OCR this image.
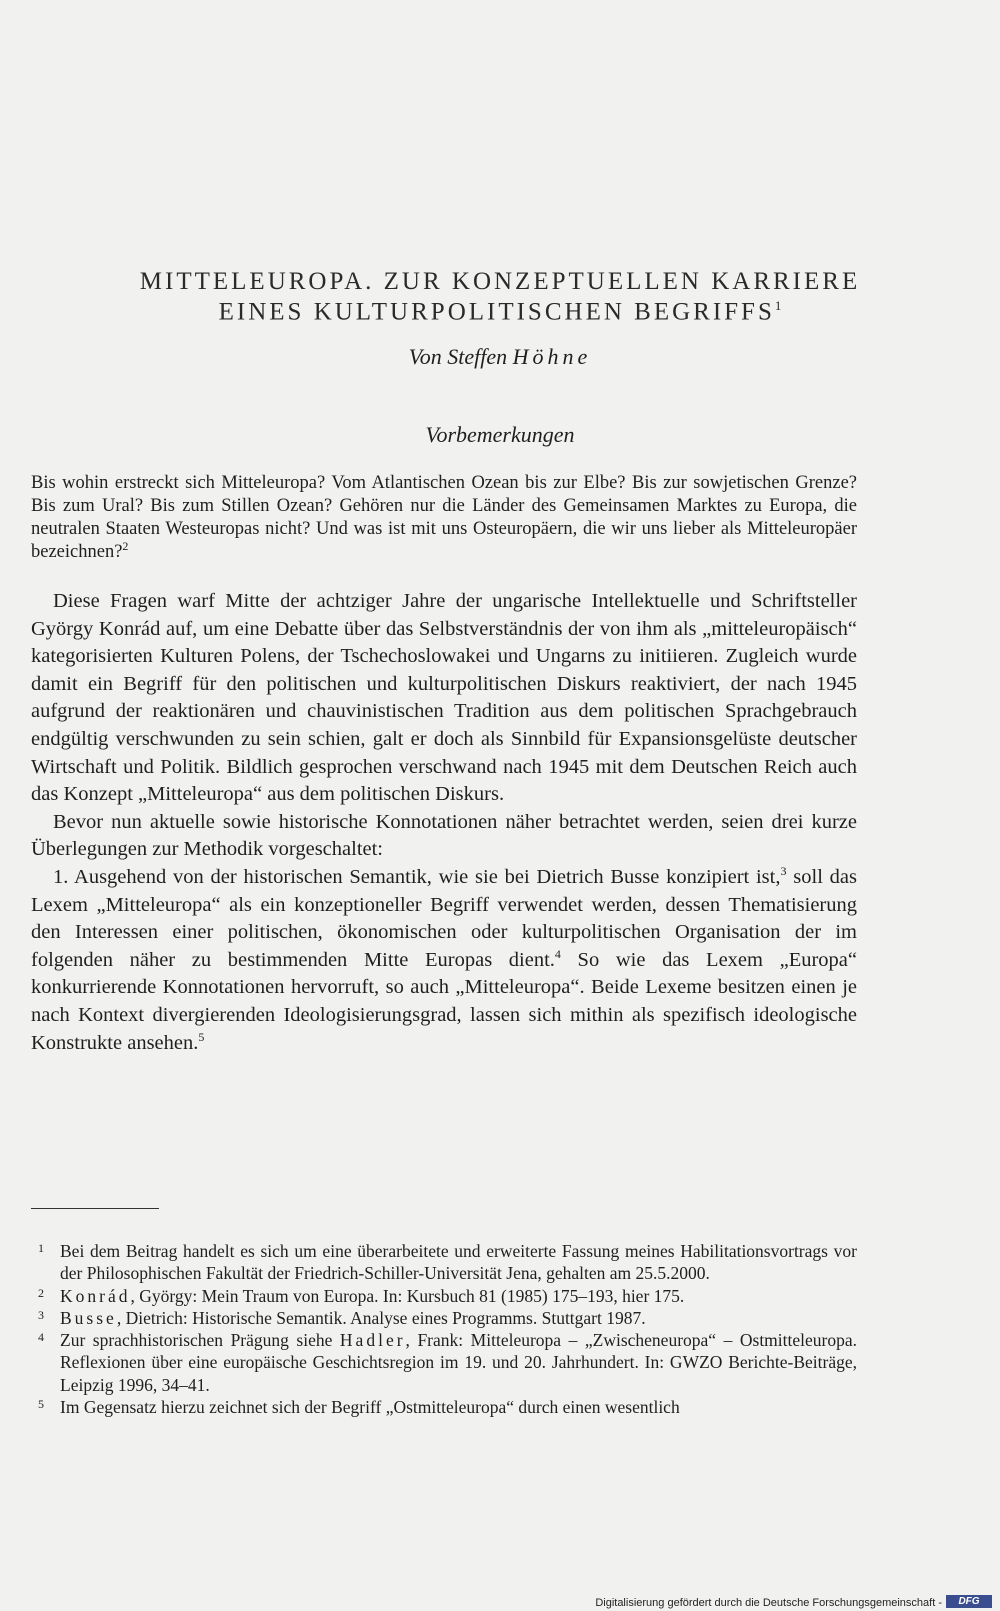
MITTELEUROPA. ZUR KONZEPTUELLEN KARRIERE
EINES KULTURPOLITISCHEN BEGRIFFS$^1$
Von Steffen Höhne
Vorbemerkungen

Bis wohin erstreckt sich Mitteleuropa? Vom Atlantischen Ozean bis zur Elbe? Bis zur sowjetischen Grenze? Bis zum Ural? Bis zum Stillen Ozean? Gehören nur die Länder des Gemeinsamen Marktes zu Europa, die neutralen Staaten Westeuropas nicht? Und was ist mit uns Osteuropäern, die wir uns lieber als Mitteleuropäer bezeichnen?$^2$

Diese Fragen warf Mitte der achtziger Jahre der ungarische Intellektuelle und Schriftsteller György Konrád auf, um eine Debatte über das Selbstverständnis der von ihm als „mitteleuropäisch“ kategorisierten Kulturen Polens, der Tschechoslowakei und Ungarns zu initiieren. Zugleich wurde damit ein Begriff für den politischen und kulturpolitischen Diskurs reaktiviert, der nach 1945 aufgrund der reaktionären und chauvinistischen Tradition aus dem politischen Sprachgebrauch endgültig verschwunden zu sein schien, galt er doch als Sinnbild für Expansionsgelüste deutscher Wirtschaft und Politik. Bildlich gesprochen verschwand nach 1945 mit dem Deutschen Reich auch das Konzept „Mitteleuropa“ aus dem politischen Diskurs.

Bevor nun aktuelle sowie historische Konnotationen näher betrachtet werden, seien drei kurze Überlegungen zur Methodik vorgeschaltet:

1. Ausgehend von der historischen Semantik, wie sie bei Dietrich Busse konzipiert ist,$^3$ soll das Lexem „Mitteleuropa“ als ein konzeptioneller Begriff verwendet werden, dessen Thematisierung den Interessen einer politischen, ökonomischen oder kulturpolitischen Organisation der im folgenden näher zu bestimmenden Mitte Europas dient.$^4$ So wie das Lexem „Europa“ konkurrierende Konnotationen hervorruft, so auch „Mitteleuropa“. Beide Lexeme besitzen einen je nach Kontext divergierenden Ideologisierungsgrad, lassen sich mithin als spezifisch ideologische Konstrukte ansehen.$^5$

1 Bei dem Beitrag handelt es sich um eine überarbeitete und erweiterte Fassung meines Habilitationsvortrags vor der Philosophischen Fakultät der Friedrich-Schiller-Universität Jena, gehalten am 25.5.2000.
2 Konrád, György: Mein Traum von Europa. In: Kursbuch 81 (1985) 175–193, hier 175.
3 Busse, Dietrich: Historische Semantik. Analyse eines Programms. Stuttgart 1987.
4 Zur sprachhistorischen Prägung siehe Hadler, Frank: Mitteleuropa – „Zwischeneuropa“ – Ostmitteleuropa. Reflexionen über eine europäische Geschichtsregion im 19. und 20. Jahrhundert. In: GWZO Berichte-Beiträge, Leipzig 1996, 34–41.
5 Im Gegensatz hierzu zeichnet sich der Begriff „Ostmitteleuropa“ durch einen wesentlich
Digitalisierung gefördert durch die Deutsche Forschungsgemeinschaft -	DFG
